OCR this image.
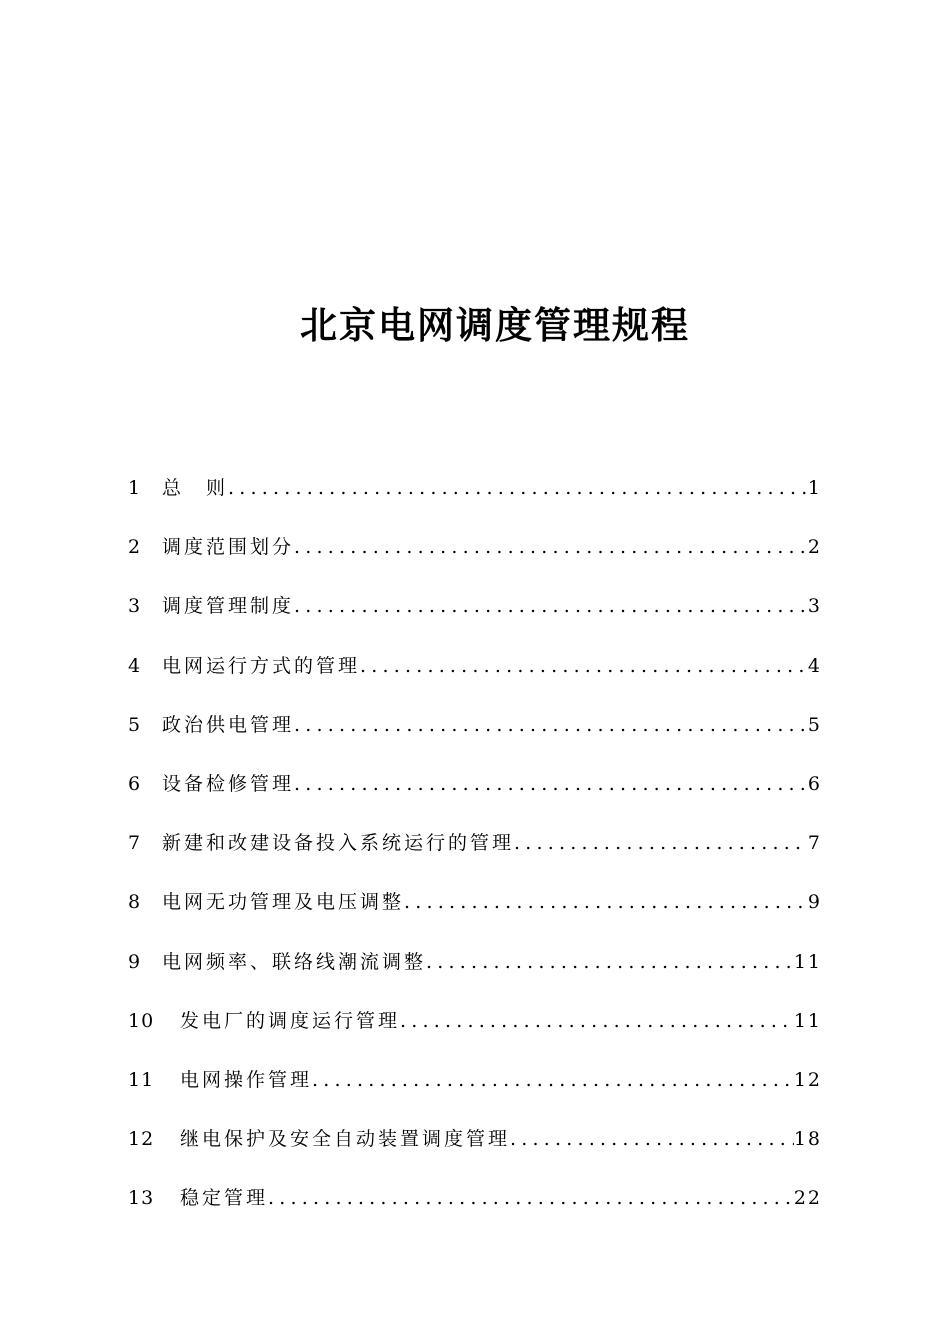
北京电网调度管理规程
1	总　则 .....	1
2	调度范围划分 .....	2
3	调度管理制度 .....	3
4	电网运行方式的管理 .....	4
5	政治供电管理 .....	5
6	设备检修管理 .....	6
7	新建和改建设备投入系统运行的管理 .....	7
8	电网无功管理及电压调整 .....	9
9	电网频率、联络线潮流调整 .....	11
10	发电厂的调度运行管理 .....	11
11	电网操作管理 .....	12
12	继电保护及安全自动装置调度管理 .....	18
13	稳定管理 .....	22
